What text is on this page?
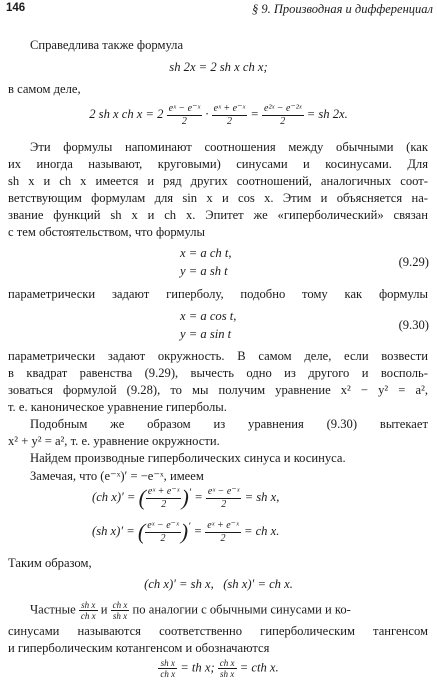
146	§ 9. Производная и дифференциал
Справедлива также формула
sh 2x = 2 sh x ch x;
в самом деле,
2 sh x ch $x = 2 \frac{\text{eˣ − e⁻ˣ}}{2} \cdot \frac{\text{eˣ + e⁻ˣ}}{2} = \frac{\text{e²ˣ − e⁻²ˣ}}{2}$ = sh 2x.
Эти формулы напоминают соотношения между обычными (как
их иногда называют, круговыми) синусами и косинусами. Для
sh x и ch x имеется и ряд других соотношений, аналогичных соот-
ветствующим формулам для sin x и cos x. Этим и объясняется на-
звание функций sh x и ch x. Эпитет же «гиперболический» связан
с тем обстоятельством, что формулы
x = a ch t,
y = a sh t
(9.29)
параметрически задают гиперболу, подобно тому как формулы
x = a cos t,
y = a sin t
(9.30)
параметрически задают окружность. В самом деле, если возвести
в квадрат равенства (9.29), вычесть одно из другого и восполь-
зоваться формулой (9.28), то мы получим уравнение x² − y² = a²,
т. е. каноническое уравнение гиперболы.
Подобным же образом из уравнения (9.30) вытекает
x² + y² = a², т. е. уравнение окружности.
Найдем производные гиперболических синуса и косинуса.
Замечая, что (e⁻ˣ)′ = −e⁻ˣ, имеем
(ch x)′ = ( $\frac{\text{eˣ + e⁻ˣ}}{2} )' = \frac{\text{eˣ − e⁻ˣ}}{2}$ = sh x,
(sh x)′ = ( $\frac{\text{eˣ − e⁻ˣ}}{2} )' = \frac{\text{eˣ + e⁻ˣ}}{2}$ = ch x.
Таким образом,
(ch x)′ = sh x,   (sh x)′ = ch x.
Частные $\frac{\text{sh x}}{\text{ch x}}$ и $\frac{\text{ch x}}{\text{sh x}}$ по аналогии с обычными синусами и ко-
синусами называются соответственно гиперболическим тангенсом
и гиперболическим котангенсом и обозначаются
$\frac{\text{sh x}}{\text{ch x}}$ = th x; $\frac{\text{ch x}}{\text{sh x}}$ = cth x.
